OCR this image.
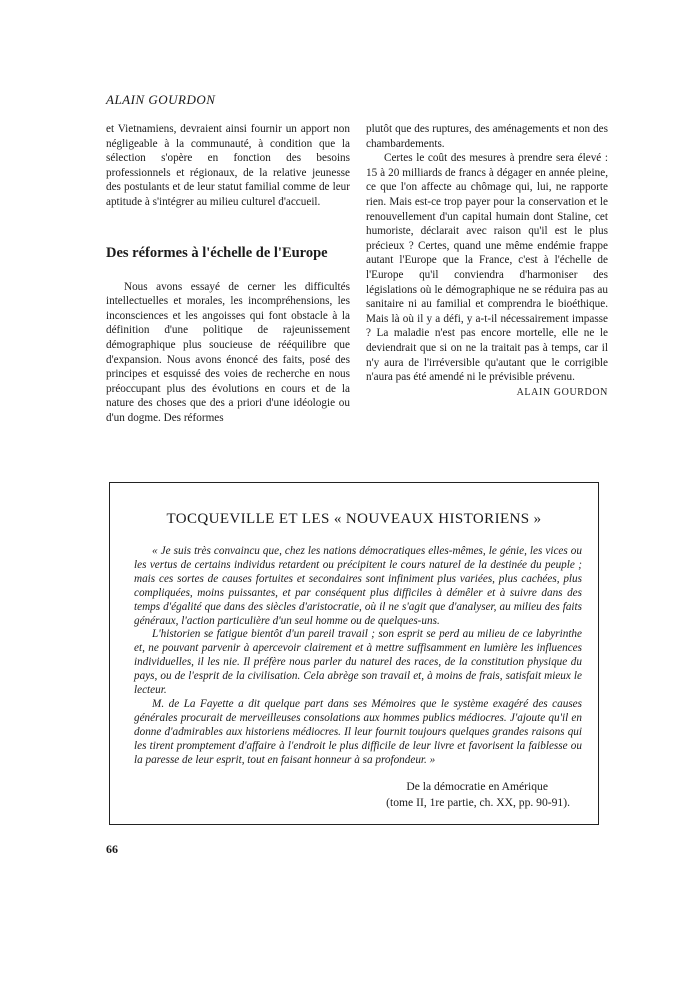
ALAIN GOURDON

et Vietnamiens, devraient ainsi fournir un apport non négligeable à la communauté, à condition que la sélection s'opère en fonction des besoins professionnels et régionaux, de la relative jeunesse des postulants et de leur statut familial comme de leur aptitude à s'intégrer au milieu culturel d'accueil.

Des réformes à l'échelle de l'Europe

Nous avons essayé de cerner les difficultés intellectuelles et morales, les incompréhensions, les inconsciences et les angoisses qui font obstacle à la définition d'une politique de rajeunissement démographique plus soucieuse de rééquilibre que d'expansion. Nous avons énoncé des faits, posé des principes et esquissé des voies de recherche en nous préoccupant plus des évolutions en cours et de la nature des choses que des a priori d'une idéologie ou d'un dogme. Des réformes

plutôt que des ruptures, des aménagements et non des chambardements.

Certes le coût des mesures à prendre sera élevé : 15 à 20 milliards de francs à dégager en année pleine, ce que l'on affecte au chômage qui, lui, ne rapporte rien. Mais est-ce trop payer pour la conservation et le renouvellement d'un capital humain dont Staline, cet humoriste, déclarait avec raison qu'il est le plus précieux ? Certes, quand une même endémie frappe autant l'Europe que la France, c'est à l'échelle de l'Europe qu'il conviendra d'harmoniser des législations où le démographique ne se réduira pas au sanitaire ni au familial et comprendra le bioéthique. Mais là où il y a défi, y a-t-il nécessairement impasse ? La maladie n'est pas encore mortelle, elle ne le deviendrait que si on ne la traitait pas à temps, car il n'y aura de l'irréversible qu'autant que le corrigible n'aura pas été amendé ni le prévisible prévenu.

ALAIN GOURDON
TOCQUEVILLE ET LES « NOUVEAUX HISTORIENS »

« Je suis très convaincu que, chez les nations démocratiques elles-mêmes, le génie, les vices ou les vertus de certains individus retardent ou précipitent le cours naturel de la destinée du peuple ; mais ces sortes de causes fortuites et secondaires sont infiniment plus variées, plus cachées, plus compliquées, moins puissantes, et par conséquent plus difficiles à démêler et à suivre dans des temps d'égalité que dans des siècles d'aristocratie, où il ne s'agit que d'analyser, au milieu des faits généraux, l'action particulière d'un seul homme ou de quelques-uns.

L'historien se fatigue bientôt d'un pareil travail ; son esprit se perd au milieu de ce labyrinthe et, ne pouvant parvenir à apercevoir clairement et à mettre suffisamment en lumière les influences individuelles, il les nie. Il préfère nous parler du naturel des races, de la constitution physique du pays, ou de l'esprit de la civilisation. Cela abrège son travail et, à moins de frais, satisfait mieux le lecteur.

M. de La Fayette a dit quelque part dans ses Mémoires que le système exagéré des causes générales procurait de merveilleuses consolations aux hommes publics médiocres. J'ajoute qu'il en donne d'admirables aux historiens médiocres. Il leur fournit toujours quelques grandes raisons qui les tirent promptement d'affaire à l'endroit le plus difficile de leur livre et favorisent la faiblesse ou la paresse de leur esprit, tout en faisant honneur à sa profondeur. »

De la démocratie en Amérique
(tome II, 1re partie, ch. XX, pp. 90-91).
66
